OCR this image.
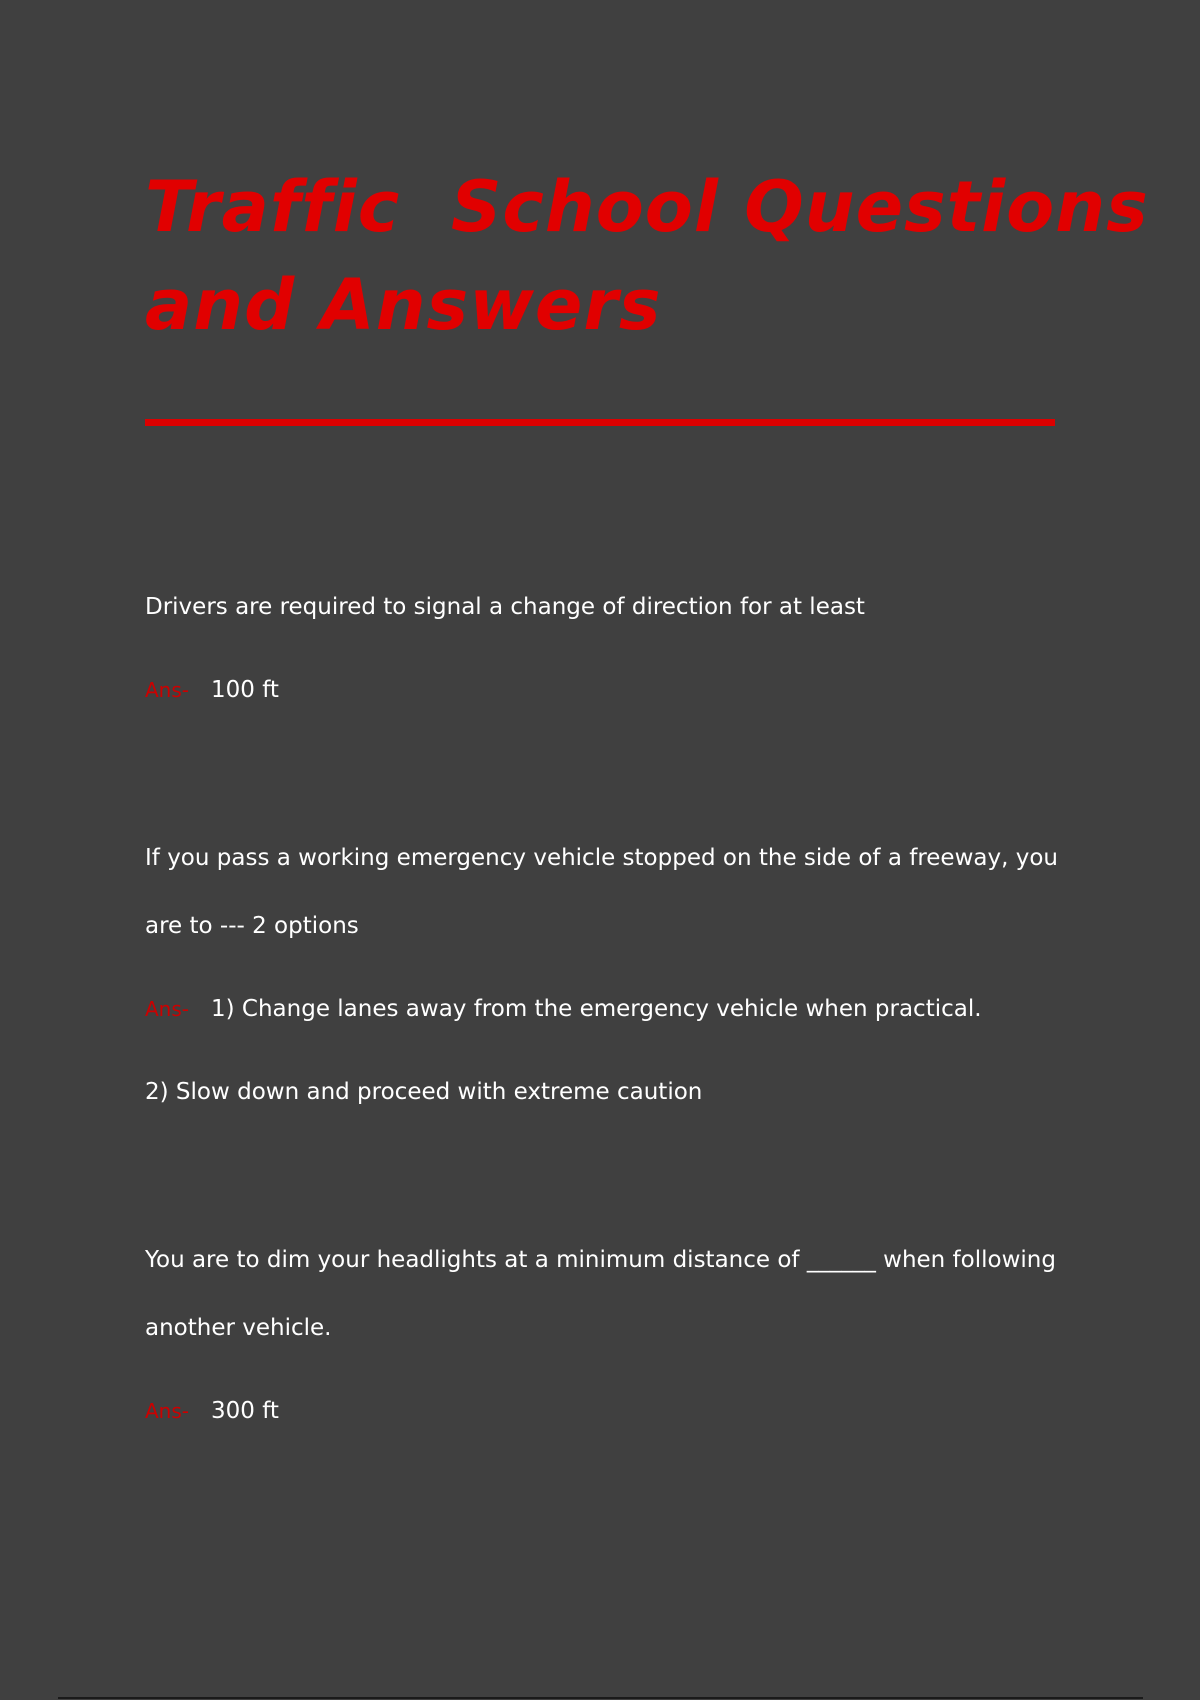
Traffic  School Questions
and Answers
Drivers are required to signal a change of direction for at least
Ans- 100 ft
If you pass a working emergency vehicle stopped on the side of a freeway, you
are to --- 2 options
Ans- 1) Change lanes away from the emergency vehicle when practical.
2) Slow down and proceed with extreme caution
You are to dim your headlights at a minimum distance of ______ when following
another vehicle.
Ans- 300 ft
